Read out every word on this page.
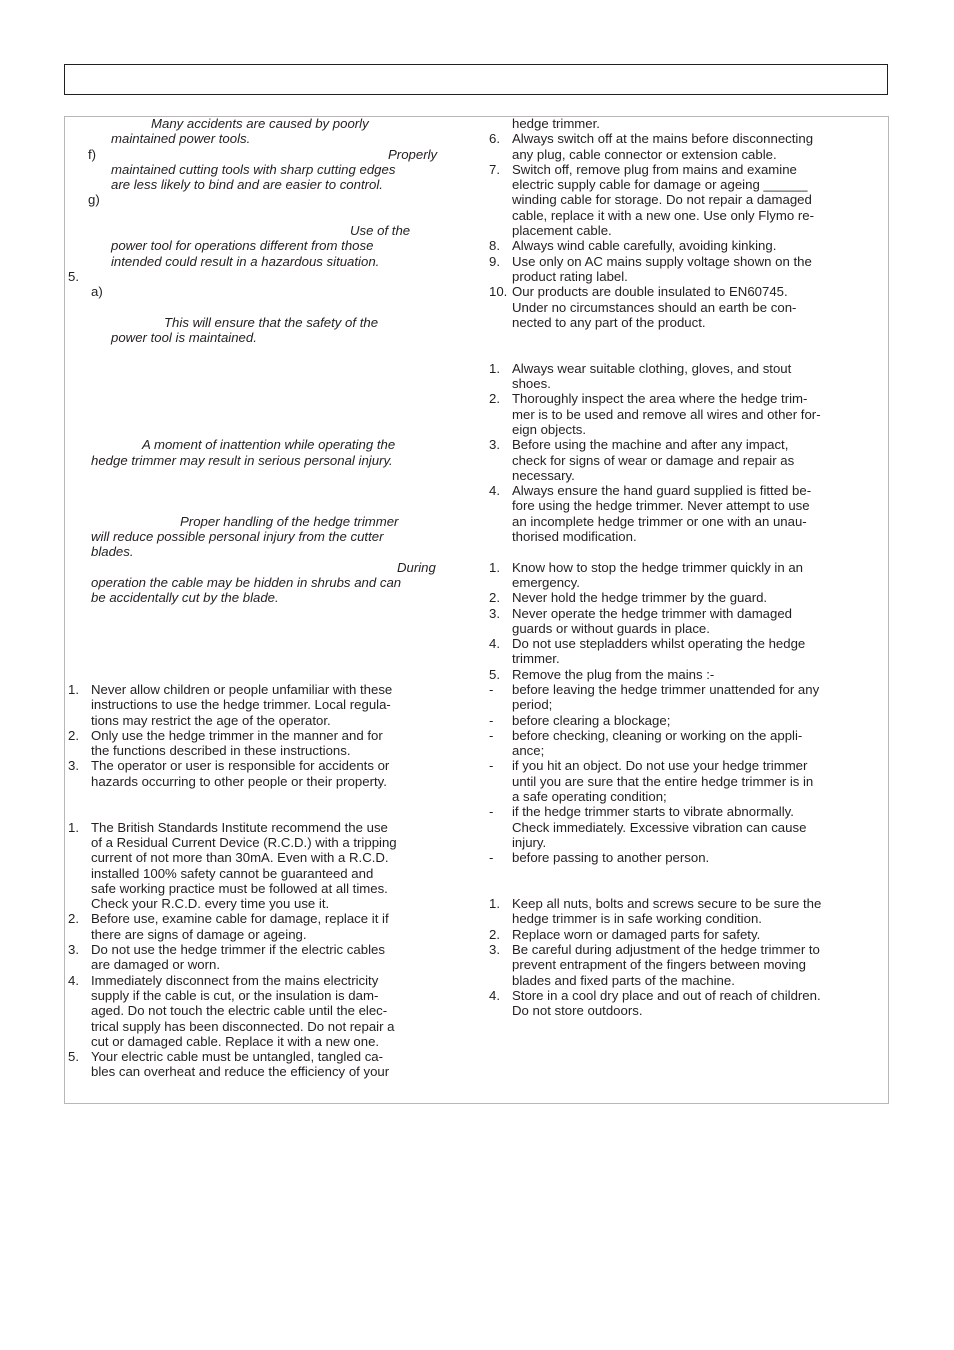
Many accidents are caused by poorly
maintained power tools.
f)	Properly
maintained cutting tools with sharp cutting edges
are less likely to bind and are easier to control.
g)
Use of the
power tool for operations different from those
intended could result in a hazardous situation.
5.
a)
This will ensure that the safety of the
power tool is maintained.
A moment of inattention while operating the
hedge trimmer may result in serious personal injury.
Proper handling of the hedge trimmer
will reduce possible personal injury from the cutter
blades.
During
operation the cable may be hidden in shrubs and can
be accidentally cut by the blade.
1. Never allow children or people unfamiliar with these
instructions to use the hedge trimmer. Local regula-
tions may restrict the age of the operator.
2. Only use the hedge trimmer in the manner and for
the functions described in these instructions.
3. The operator or user is responsible for accidents or
hazards occurring to other people or their property.
1. The British Standards Institute recommend the use
of a Residual Current Device (R.C.D.) with a tripping
current of not more than 30mA. Even with a R.C.D.
installed 100% safety cannot be guaranteed and
safe working practice must be followed at all times.
Check your R.C.D. every time you use it.
2. Before use, examine cable for damage, replace it if
there are signs of damage or ageing.
3. Do not use the hedge trimmer if the electric cables
are damaged or worn.
4. Immediately disconnect from the mains electricity
supply if the cable is cut, or the insulation is dam-
aged. Do not touch the electric cable until the elec-
trical supply has been disconnected. Do not repair a
cut or damaged cable. Replace it with a new one.
5. Your electric cable must be untangled, tangled ca-
bles can overheat and reduce the efficiency of your
hedge trimmer.
6. Always switch off at the mains before disconnecting
any plug, cable connector or extension cable.
7. Switch off, remove plug from mains and examine
electric supply cable for damage or ageing ______
winding cable for storage. Do not repair a damaged
cable, replace it with a new one. Use only Flymo re-
placement cable.
8. Always wind cable carefully, avoiding kinking.
9. Use only on AC mains supply voltage shown on the
product rating label.
10. Our products are double insulated to EN60745.
Under no circumstances should an earth be con-
nected to any part of the product.
1. Always wear suitable clothing, gloves, and stout
shoes.
2. Thoroughly inspect the area where the hedge trim-
mer is to be used and remove all wires and other for-
eign objects.
3. Before using the machine and after any impact,
check for signs of wear or damage and repair as
necessary.
4. Always ensure the hand guard supplied is fitted be-
fore using the hedge trimmer. Never attempt to use
an incomplete hedge trimmer or one with an unau-
thorised modification.
1. Know how to stop the hedge trimmer quickly in an
emergency.
2. Never hold the hedge trimmer by the guard.
3. Never operate the hedge trimmer with damaged
guards or without guards in place.
4. Do not use stepladders whilst operating the hedge
trimmer.
5. Remove the plug from the mains :-
-	before leaving the hedge trimmer unattended for any
period;
-	before clearing a blockage;
-	before checking, cleaning or working on the appli-
ance;
-	if you hit an object. Do not use your hedge trimmer
until you are sure that the entire hedge trimmer is in
a safe operating condition;
-	if the hedge trimmer starts to vibrate abnormally.
Check immediately. Excessive vibration can cause
injury.
-	before passing to another person.
1. Keep all nuts, bolts and screws secure to be sure the
hedge trimmer is in safe working condition.
2. Replace worn or damaged parts for safety.
3. Be careful during adjustment of the hedge trimmer to
prevent entrapment of the fingers between moving
blades and fixed parts of the machine.
4. Store in a cool dry place and out of reach of children.
Do not store outdoors.
